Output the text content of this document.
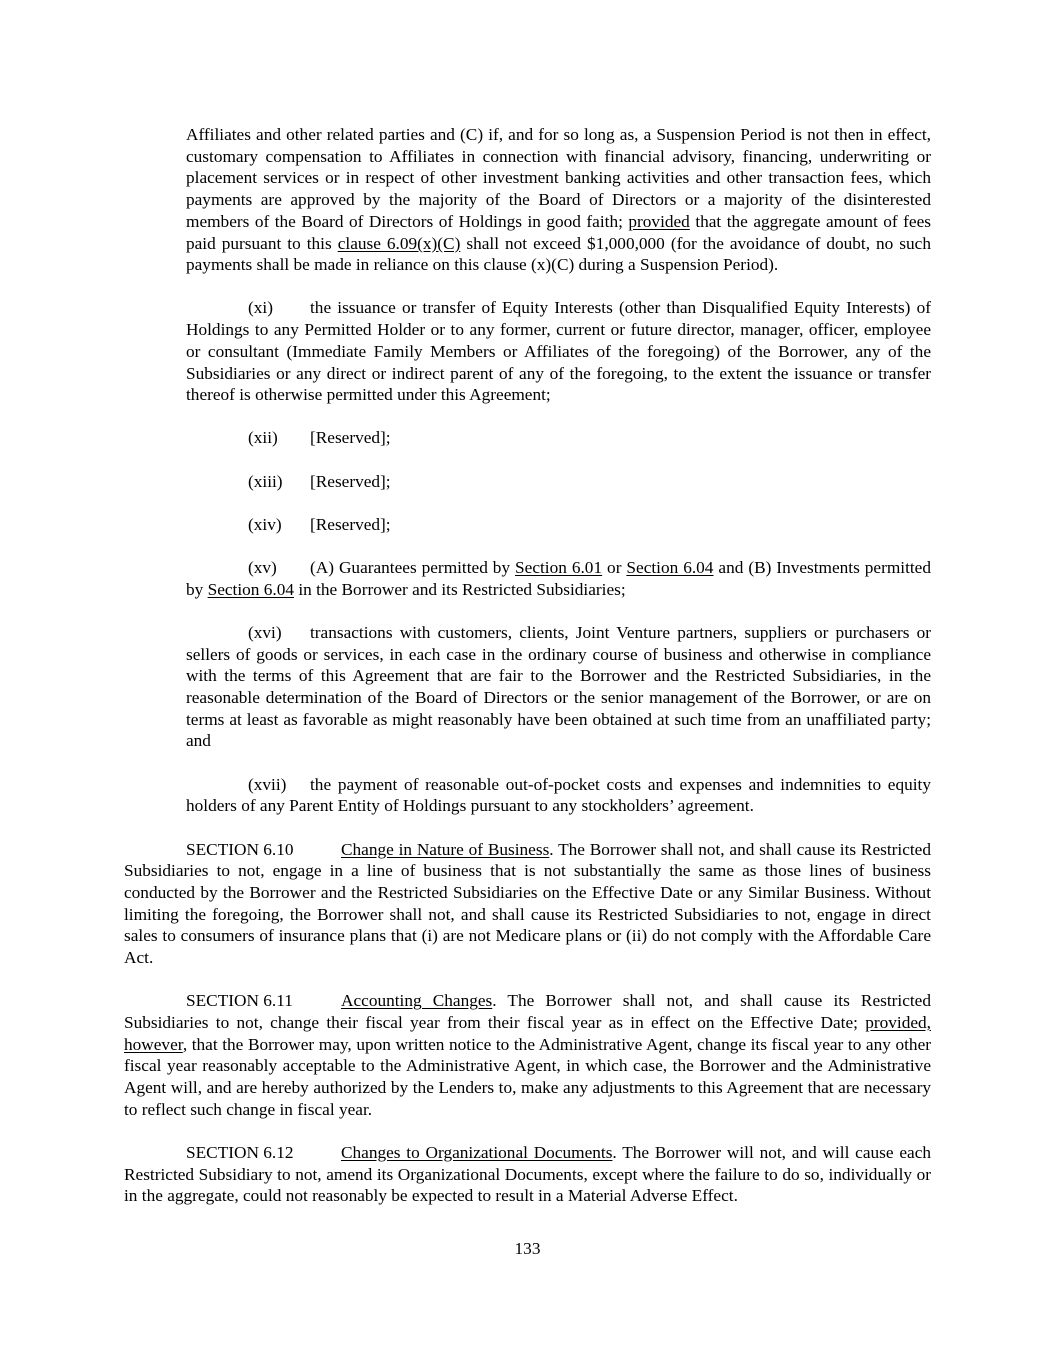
Affiliates and other related parties and (C) if, and for so long as, a Suspension Period is not then in effect, customary compensation to Affiliates in connection with financial advisory, financing, underwriting or placement services or in respect of other investment banking activities and other transaction fees, which payments are approved by the majority of the Board of Directors or a majority of the disinterested members of the Board of Directors of Holdings in good faith; provided that the aggregate amount of fees paid pursuant to this clause 6.09(x)(C) shall not exceed $1,000,000 (for the avoidance of doubt, no such payments shall be made in reliance on this clause (x)(C) during a Suspension Period).

(xi) the issuance or transfer of Equity Interests (other than Disqualified Equity Interests) of Holdings to any Permitted Holder or to any former, current or future director, manager, officer, employee or consultant (Immediate Family Members or Affiliates of the foregoing) of the Borrower, any of the Subsidiaries or any direct or indirect parent of any of the foregoing, to the extent the issuance or transfer thereof is otherwise permitted under this Agreement;

(xii) [Reserved];

(xiii) [Reserved];

(xiv) [Reserved];

(xv) (A) Guarantees permitted by Section 6.01 or Section 6.04 and (B) Investments permitted by Section 6.04 in the Borrower and its Restricted Subsidiaries;

(xvi) transactions with customers, clients, Joint Venture partners, suppliers or purchasers or sellers of goods or services, in each case in the ordinary course of business and otherwise in compliance with the terms of this Agreement that are fair to the Borrower and the Restricted Subsidiaries, in the reasonable determination of the Board of Directors or the senior management of the Borrower, or are on terms at least as favorable as might reasonably have been obtained at such time from an unaffiliated party; and

(xvii) the payment of reasonable out-of-pocket costs and expenses and indemnities to equity holders of any Parent Entity of Holdings pursuant to any stockholders’ agreement.

SECTION 6.10	Change in Nature of Business. The Borrower shall not, and shall cause its Restricted Subsidiaries to not, engage in a line of business that is not substantially the same as those lines of business conducted by the Borrower and the Restricted Subsidiaries on the Effective Date or any Similar Business. Without limiting the foregoing, the Borrower shall not, and shall cause its Restricted Subsidiaries to not, engage in direct sales to consumers of insurance plans that (i) are not Medicare plans or (ii) do not comply with the Affordable Care Act.

SECTION 6.11	Accounting Changes. The Borrower shall not, and shall cause its Restricted Subsidiaries to not, change their fiscal year from their fiscal year as in effect on the Effective Date; provided, however, that the Borrower may, upon written notice to the Administrative Agent, change its fiscal year to any other fiscal year reasonably acceptable to the Administrative Agent, in which case, the Borrower and the Administrative Agent will, and are hereby authorized by the Lenders to, make any adjustments to this Agreement that are necessary to reflect such change in fiscal year.

SECTION 6.12	Changes to Organizational Documents. The Borrower will not, and will cause each Restricted Subsidiary to not, amend its Organizational Documents, except where the failure to do so, individually or in the aggregate, could not reasonably be expected to result in a Material Adverse Effect.

133
